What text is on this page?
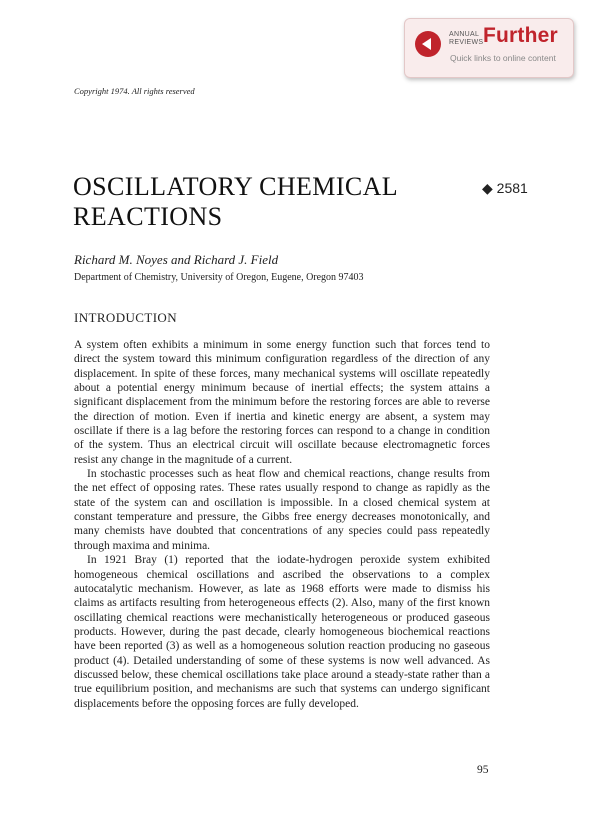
ANNUAL
REVIEWS Further
Quick links to online content
Copyright 1974. All rights reserved
OSCILLATORY CHEMICAL
REACTIONS
◆ 2581
Richard M. Noyes and Richard J. Field
Department of Chemistry, University of Oregon, Eugene, Oregon 97403
INTRODUCTION

A system often exhibits a minimum in some energy function such that forces tend to direct the system toward this minimum configuration regardless of the direction of any displacement. In spite of these forces, many mechanical systems will oscillate repeatedly about a potential energy minimum because of inertial effects; the system attains a significant displacement from the minimum before the restoring forces are able to reverse the direction of motion. Even if inertia and kinetic energy are absent, a system may oscillate if there is a lag before the restoring forces can respond to a change in condition of the system. Thus an electrical circuit will oscillate because electromagnetic forces resist any change in the magnitude of a current.

In stochastic processes such as heat flow and chemical reactions, change results from the net effect of opposing rates. These rates usually respond to change as rapidly as the state of the system can and oscillation is impossible. In a closed chemical system at constant temperature and pressure, the Gibbs free energy decreases monotonically, and many chemists have doubted that concentrations of any species could pass repeatedly through maxima and minima.

In 1921 Bray (1) reported that the iodate-hydrogen peroxide system exhibited homogeneous chemical oscillations and ascribed the observations to a complex autocatalytic mechanism. However, as late as 1968 efforts were made to dismiss his claims as artifacts resulting from heterogeneous effects (2). Also, many of the first known oscillating chemical reactions were mechanistically heterogeneous or produced gaseous products. However, during the past decade, clearly homogeneous biochemical reactions have been reported (3) as well as a homogeneous solution reaction producing no gaseous product (4). Detailed understanding of some of these systems is now well advanced. As discussed below, these chemical oscillations take place around a steady-state rather than a true equilibrium position, and mechanisms are such that systems can undergo significant displacements before the opposing forces are fully developed.

95
